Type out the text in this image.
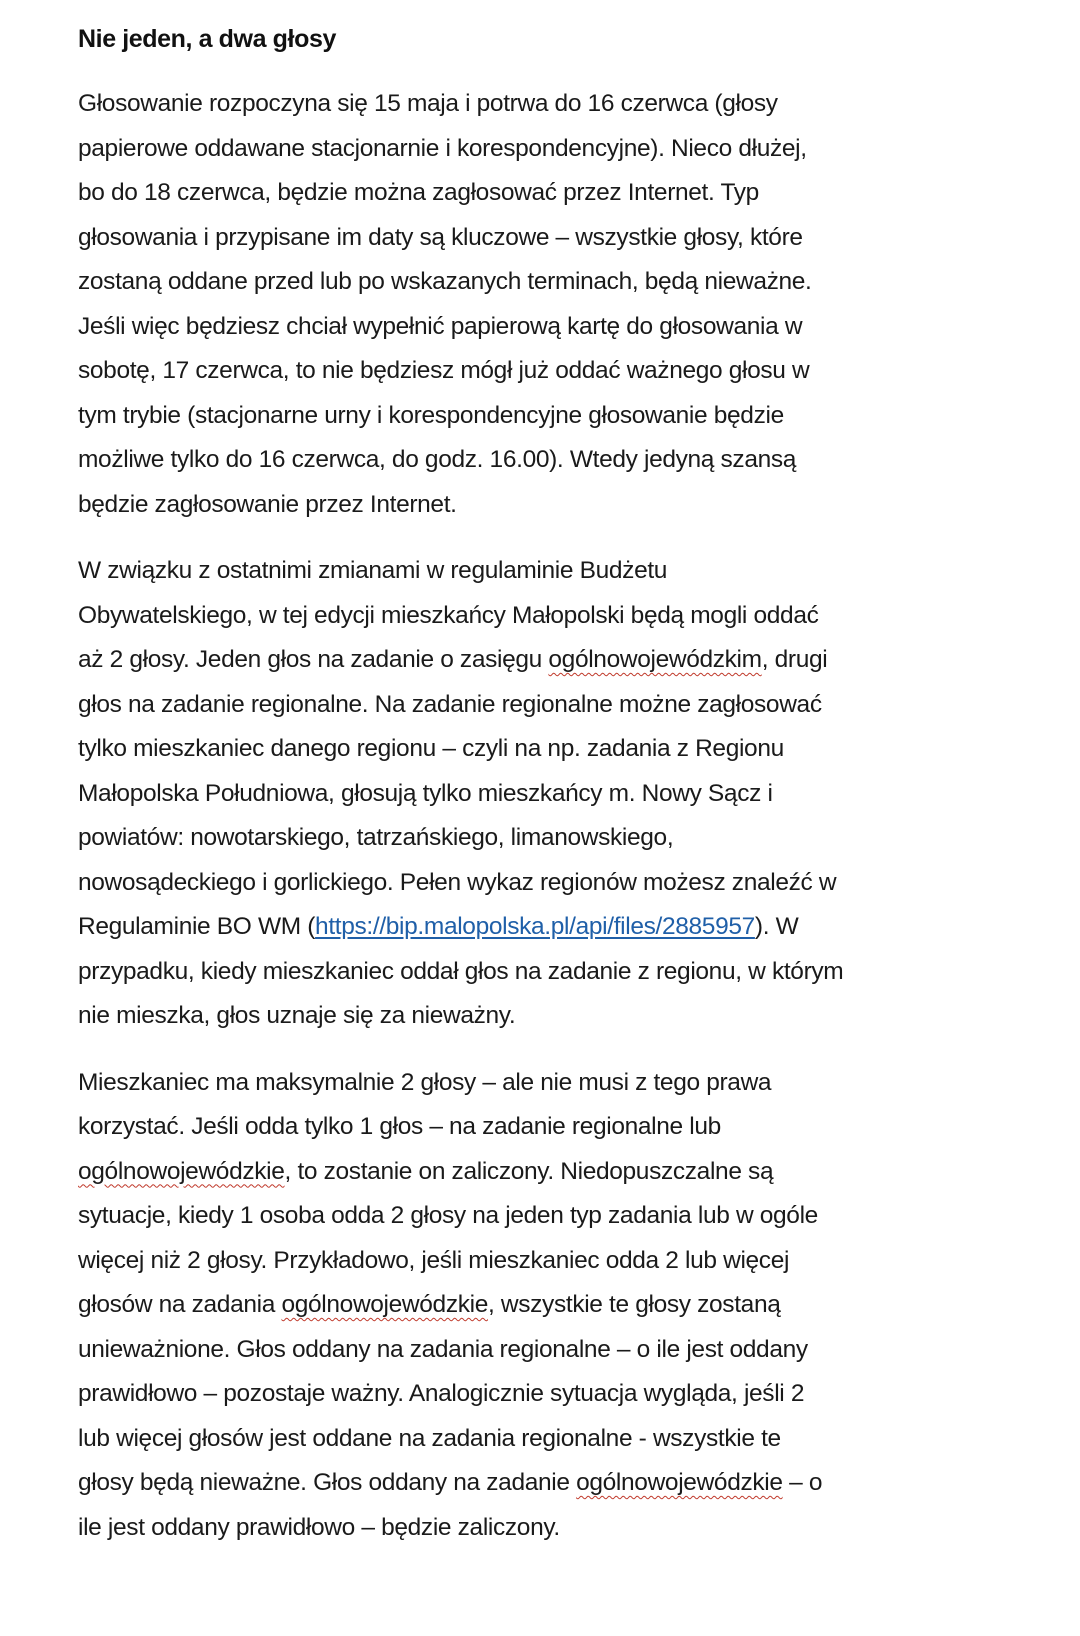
Nie jeden, a dwa głosy

Głosowanie rozpoczyna się 15 maja i potrwa do 16 czerwca (głosy
papierowe oddawane stacjonarnie i korespondencyjne). Nieco dłużej,
bo do 18 czerwca, będzie można zagłosować przez Internet. Typ
głosowania i przypisane im daty są kluczowe – wszystkie głosy, które
zostaną oddane przed lub po wskazanych terminach, będą nieważne.
Jeśli więc będziesz chciał wypełnić papierową kartę do głosowania w
sobotę, 17 czerwca, to nie będziesz mógł już oddać ważnego głosu w
tym trybie (stacjonarne urny i korespondencyjne głosowanie będzie
możliwe tylko do 16 czerwca, do godz. 16.00). Wtedy jedyną szansą
będzie zagłosowanie przez Internet.

W związku z ostatnimi zmianami w regulaminie Budżetu
Obywatelskiego, w tej edycji mieszkańcy Małopolski będą mogli oddać
aż 2 głosy. Jeden głos na zadanie o zasięgu ogólnowojewódzkim, drugi
głos na zadanie regionalne. Na zadanie regionalne możne zagłosować
tylko mieszkaniec danego regionu – czyli na np. zadania z Regionu
Małopolska Południowa, głosują tylko mieszkańcy m. Nowy Sącz i
powiatów: nowotarskiego, tatrzańskiego, limanowskiego,
nowosądeckiego i gorlickiego. Pełen wykaz regionów możesz znaleźć w
Regulaminie BO WM (https://bip.malopolska.pl/api/files/2885957). W
przypadku, kiedy mieszkaniec oddał głos na zadanie z regionu, w którym
nie mieszka, głos uznaje się za nieważny.

Mieszkaniec ma maksymalnie 2 głosy – ale nie musi z tego prawa
korzystać. Jeśli odda tylko 1 głos – na zadanie regionalne lub
ogólnowojewódzkie, to zostanie on zaliczony. Niedopuszczalne są
sytuacje, kiedy 1 osoba odda 2 głosy na jeden typ zadania lub w ogóle
więcej niż 2 głosy. Przykładowo, jeśli mieszkaniec odda 2 lub więcej
głosów na zadania ogólnowojewódzkie, wszystkie te głosy zostaną
unieważnione. Głos oddany na zadania regionalne – o ile jest oddany
prawidłowo – pozostaje ważny. Analogicznie sytuacja wygląda, jeśli 2
lub więcej głosów jest oddane na zadania regionalne - wszystkie te
głosy będą nieważne. Głos oddany na zadanie ogólnowojewódzkie – o
ile jest oddany prawidłowo – będzie zaliczony.
